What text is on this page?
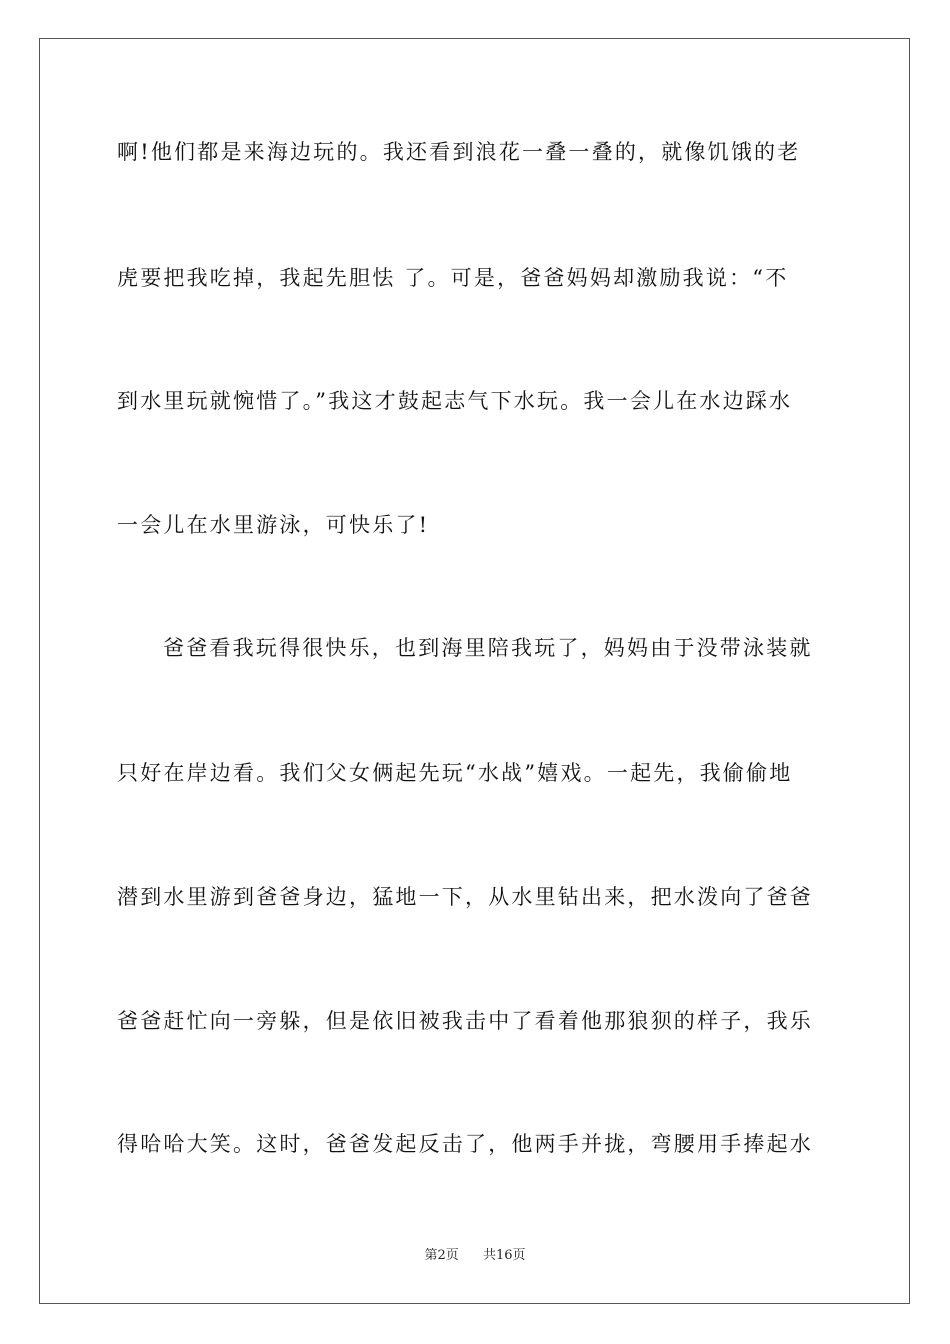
啊!他们都是来海边玩的。我还看到浪花一叠一叠的，就像饥饿的老

虎要把我吃掉，我起先胆怯 了。可是，爸爸妈妈却激励我说：“不

到水里玩就惋惜了。”我这才鼓起志气下水玩。我一会儿在水边踩水

一会儿在水里游泳，可快乐了!

爸爸看我玩得很快乐，也到海里陪我玩了，妈妈由于没带泳装就

只好在岸边看。我们父女俩起先玩“水战”嬉戏。一起先，我偷偷地

潜到水里游到爸爸身边，猛地一下，从水里钻出来，把水泼向了爸爸

爸爸赶忙向一旁躲，但是依旧被我击中了看着他那狼狈的样子，我乐

得哈哈大笑。这时，爸爸发起反击了，他两手并拢，弯腰用手捧起水

第2页 共16页
